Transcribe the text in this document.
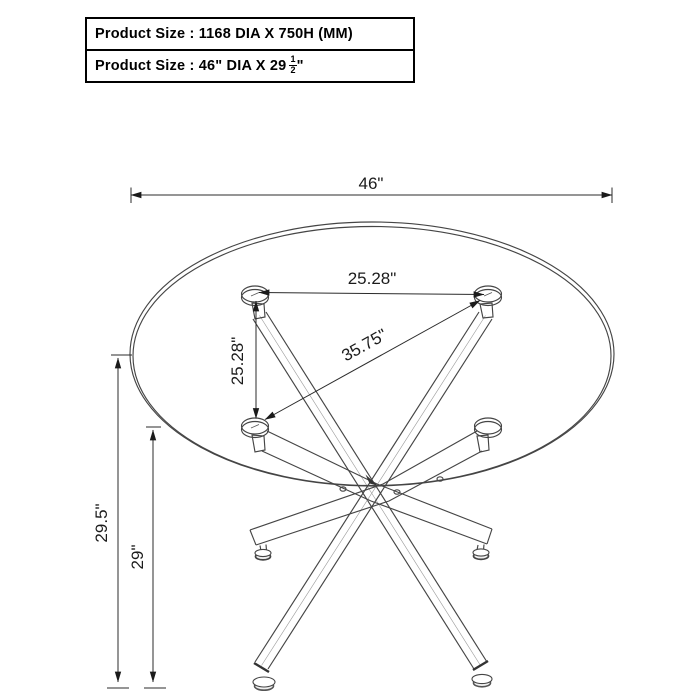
Product Size : 1168 DIA X 750H (MM)
Product Size : 46" DIA X $29 \frac{1}{2}$ "
46"
25.28"
25.28"	35.75"
29.5"
29"
